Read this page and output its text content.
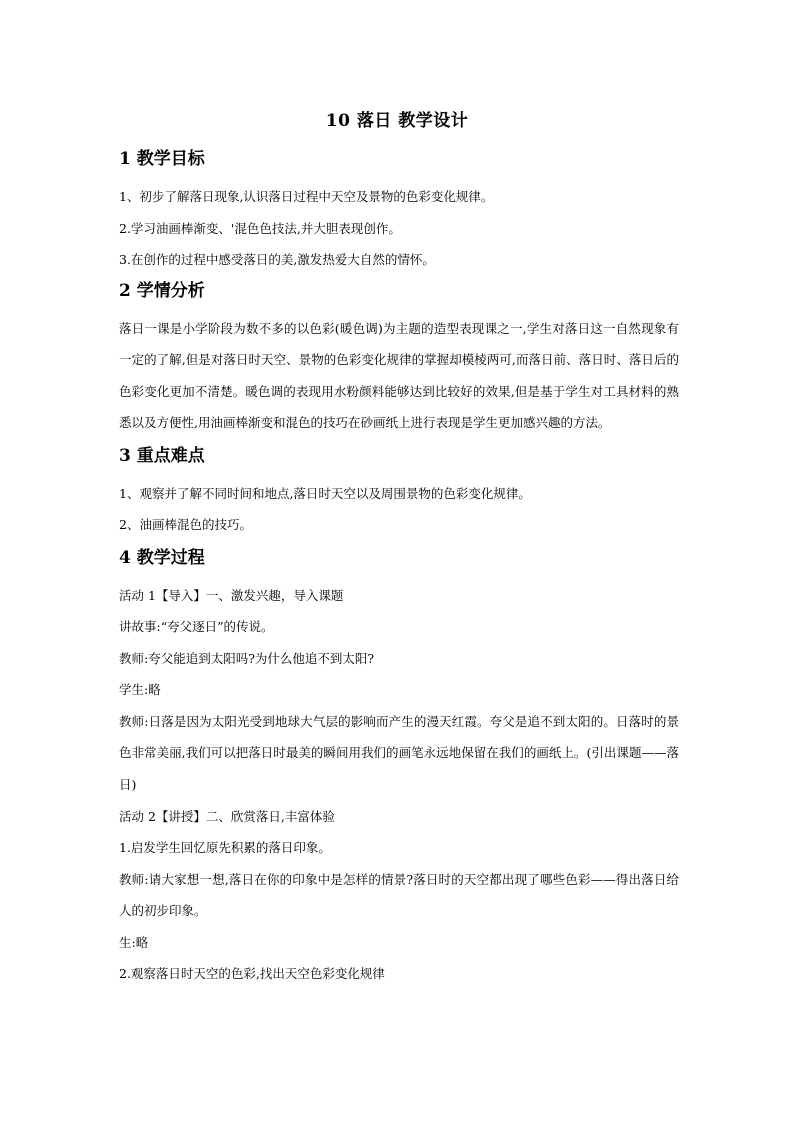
10 落日 教学设计
1 教学目标

1、初步了解落日现象,认识落日过程中天空及景物的色彩变化规律。

2.学习油画棒渐变、'混色色技法,并大胆表现创作。

3.在创作的过程中感受落日的美,激发热爱大自然的情怀。

2 学情分析

落日一课是小学阶段为数不多的以色彩(暖色调)为主题的造型表现课之一,学生对落日这一自然现象有一定的了解,但是对落日时天空、景物的色彩变化规律的掌握却模棱两可,而落日前、落日时、落日后的色彩变化更加不清楚。暖色调的表现用水粉颜料能够达到比较好的效果,但是基于学生对工具材料的熟悉以及方便性,用油画棒渐变和混色的技巧在砂画纸上进行表现是学生更加感兴趣的方法。

3 重点难点

1、观察并了解不同时间和地点,落日时天空以及周围景物的色彩变化规律。

2、油画棒混色的技巧。

4 教学过程

活动 1【导入】一、激发兴趣，导入课题

讲故事:“夸父逐日”的传说。

教师:夸父能追到太阳吗?为什么他追不到太阳?

学生:略

教师:日落是因为太阳光受到地球大气层的影响而产生的漫天红霞。夸父是追不到太阳的。日落时的景色非常美丽,我们可以把落日时最美的瞬间用我们的画笔永远地保留在我们的画纸上。(引出课题——落日)

活动 2【讲授】二、欣赏落日,丰富体验

1.启发学生回忆原先积累的落日印象。

教师:请大家想一想,落日在你的印象中是怎样的情景?落日时的天空都出现了哪些色彩——得出落日给人的初步印象。

生:略

2.观察落日时天空的色彩,找出天空色彩变化规律
